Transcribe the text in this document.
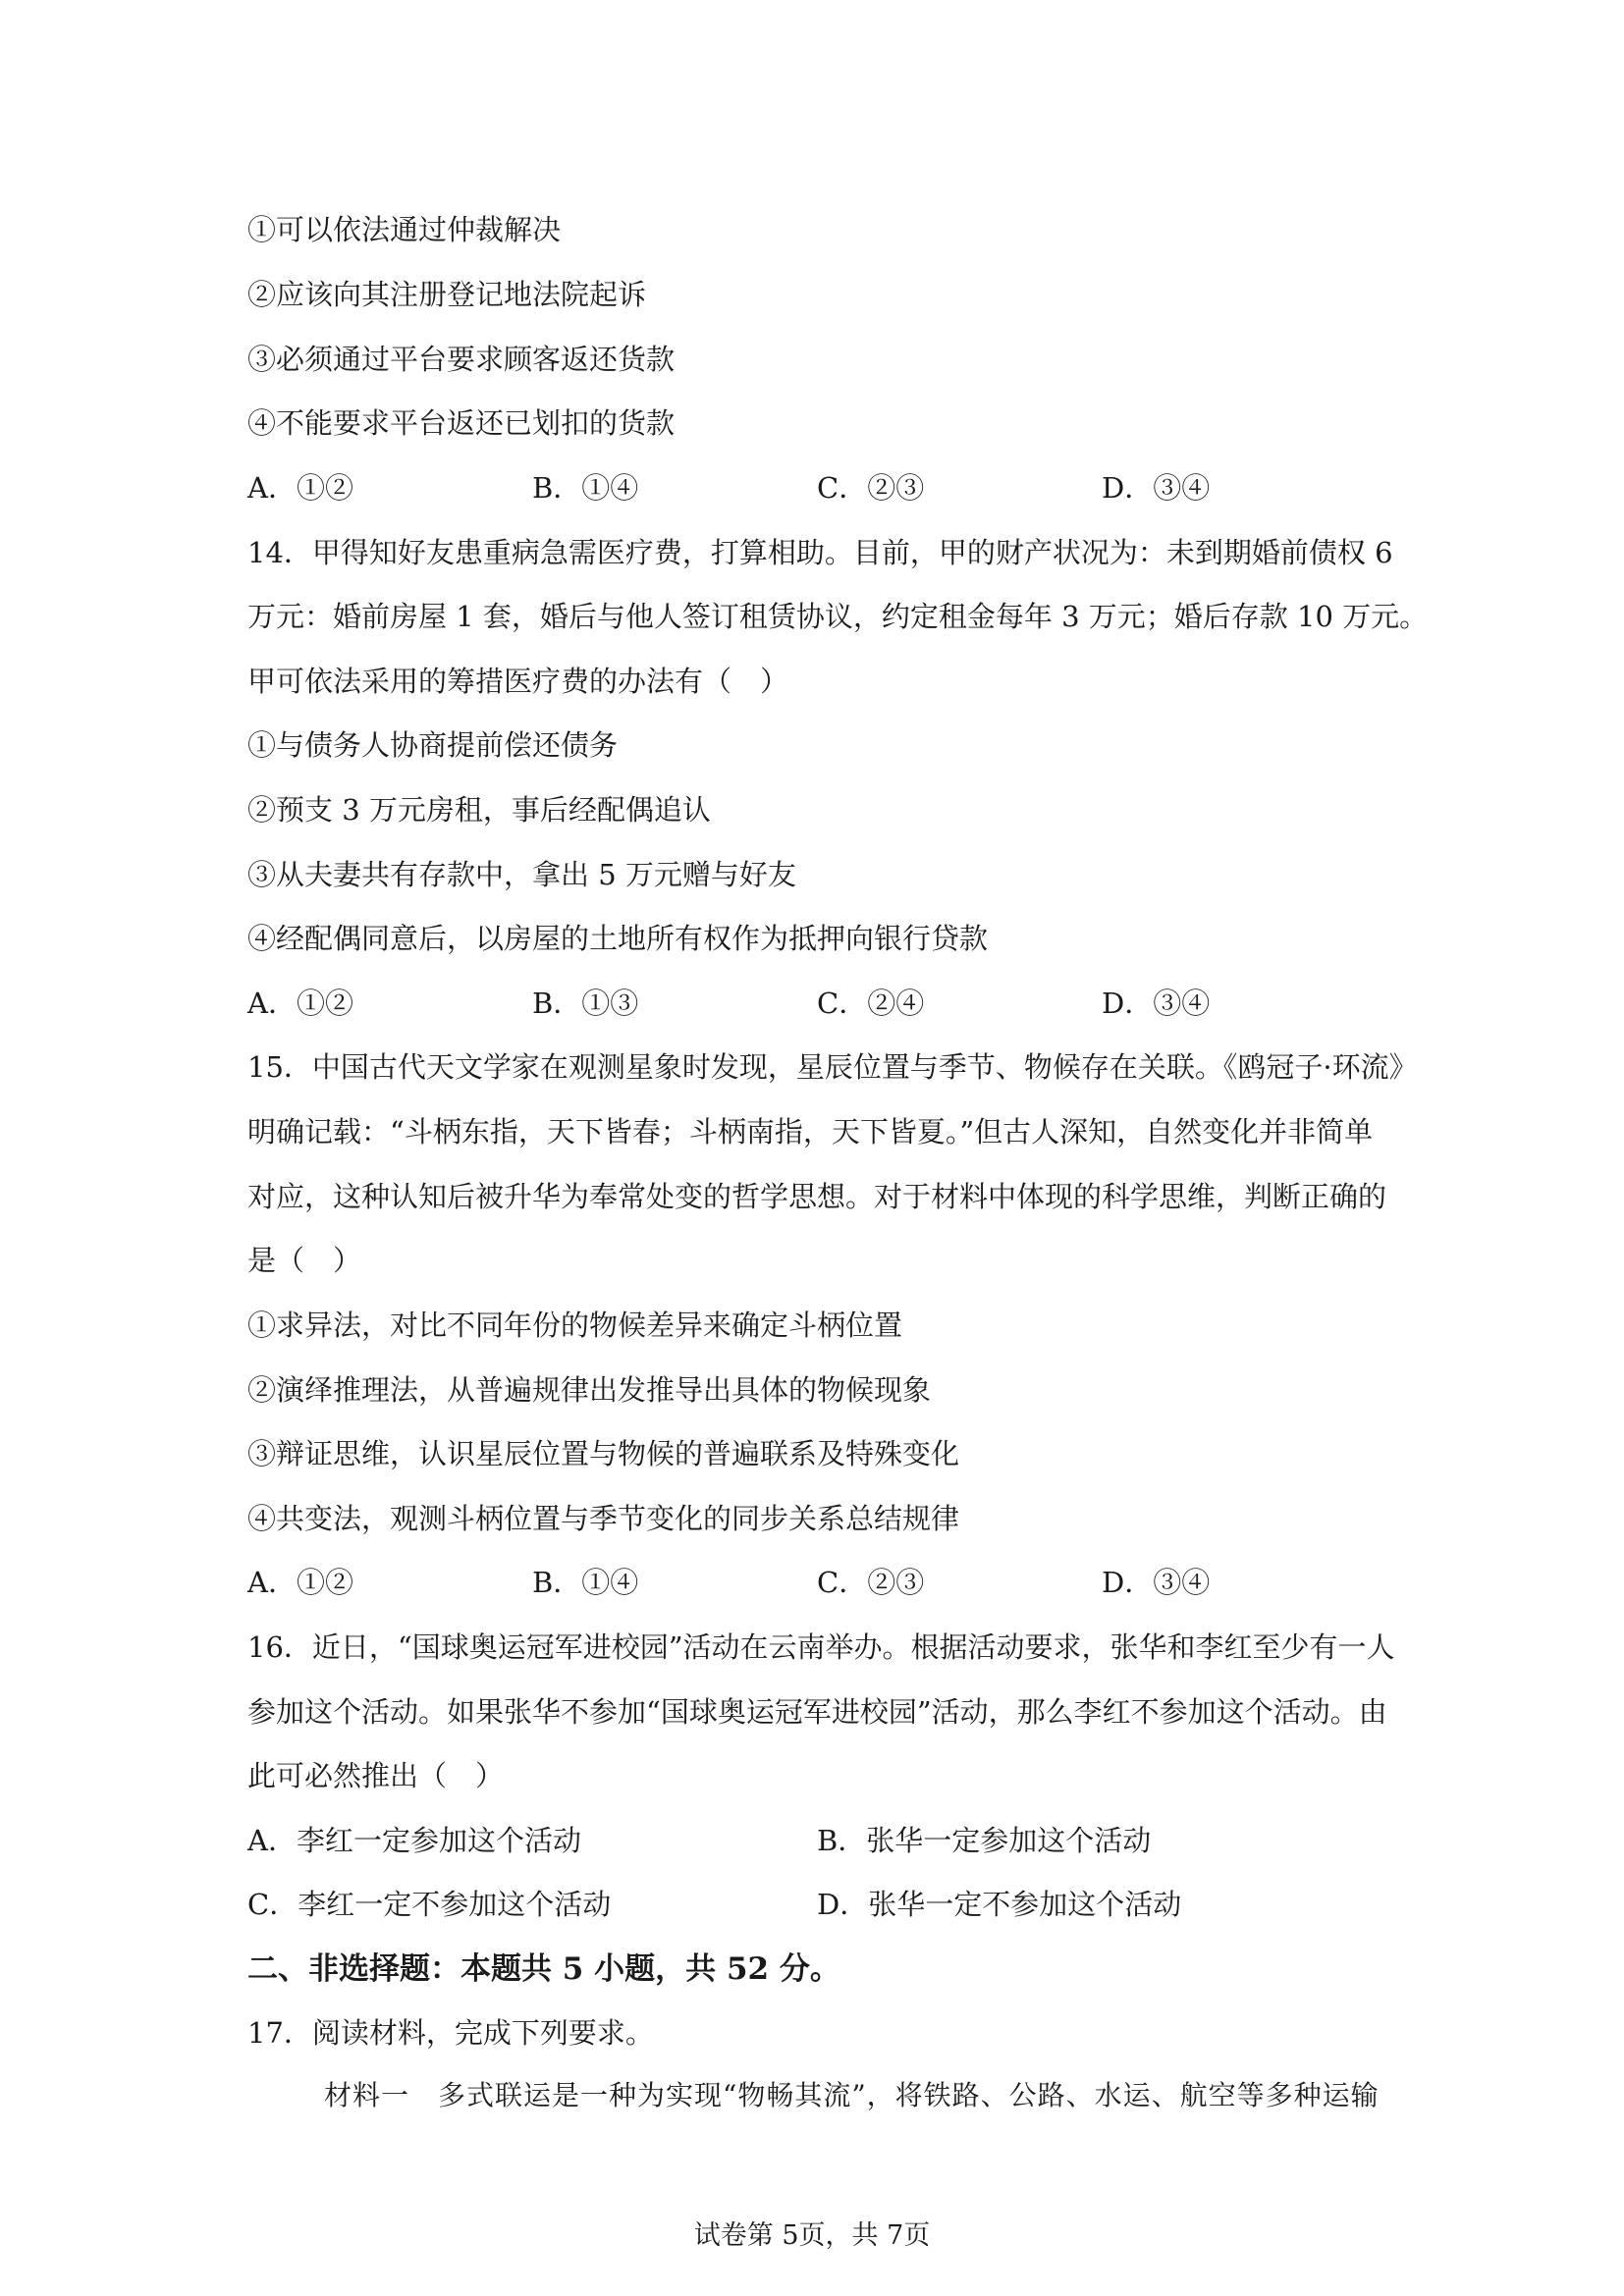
①可以依法通过仲裁解决
②应该向其注册登记地法院起诉
③必须通过平台要求顾客返还货款
④不能要求平台返还已划扣的货款
A．①②	B．①④	C．②③	D．③④
14．甲得知好友患重病急需医疗费，打算相助。目前，甲的财产状况为：未到期婚前债权 6
万元：婚前房屋 1 套，婚后与他人签订租赁协议，约定租金每年 3 万元；婚后存款 10 万元。
甲可依法采用的筹措医疗费的办法有（　）
①与债务人协商提前偿还债务
②预支 3 万元房租，事后经配偶追认
③从夫妻共有存款中，拿出 5 万元赠与好友
④经配偶同意后，以房屋的土地所有权作为抵押向银行贷款
A．①②	B．①③	C．②④	D．③④
15．中国古代天文学家在观测星象时发现，星辰位置与季节、物候存在关联。《鸥冠子·环流》
明确记载：“斗柄东指，天下皆春；斗柄南指，天下皆夏。”但古人深知，自然变化并非简单
对应，这种认知后被升华为奉常处变的哲学思想。对于材料中体现的科学思维，判断正确的
是（　）
①求异法，对比不同年份的物候差异来确定斗柄位置
②演绎推理法，从普遍规律出发推导出具体的物候现象
③辩证思维，认识星辰位置与物候的普遍联系及特殊变化
④共变法，观测斗柄位置与季节变化的同步关系总结规律
A．①②	B．①④	C．②③	D．③④
16．近日，“国球奥运冠军进校园”活动在云南举办。根据活动要求，张华和李红至少有一人
参加这个活动。如果张华不参加“国球奥运冠军进校园”活动，那么李红不参加这个活动。由
此可必然推出（　）
A．李红一定参加这个活动	B．张华一定参加这个活动
C．李红一定不参加这个活动	D．张华一定不参加这个活动
二、非选择题：本题共 5 小题，共 52 分。
17．阅读材料，完成下列要求。
材料一　多式联运是一种为实现“物畅其流”，将铁路、公路、水运、航空等多种运输
试卷第 5页，共 7页
